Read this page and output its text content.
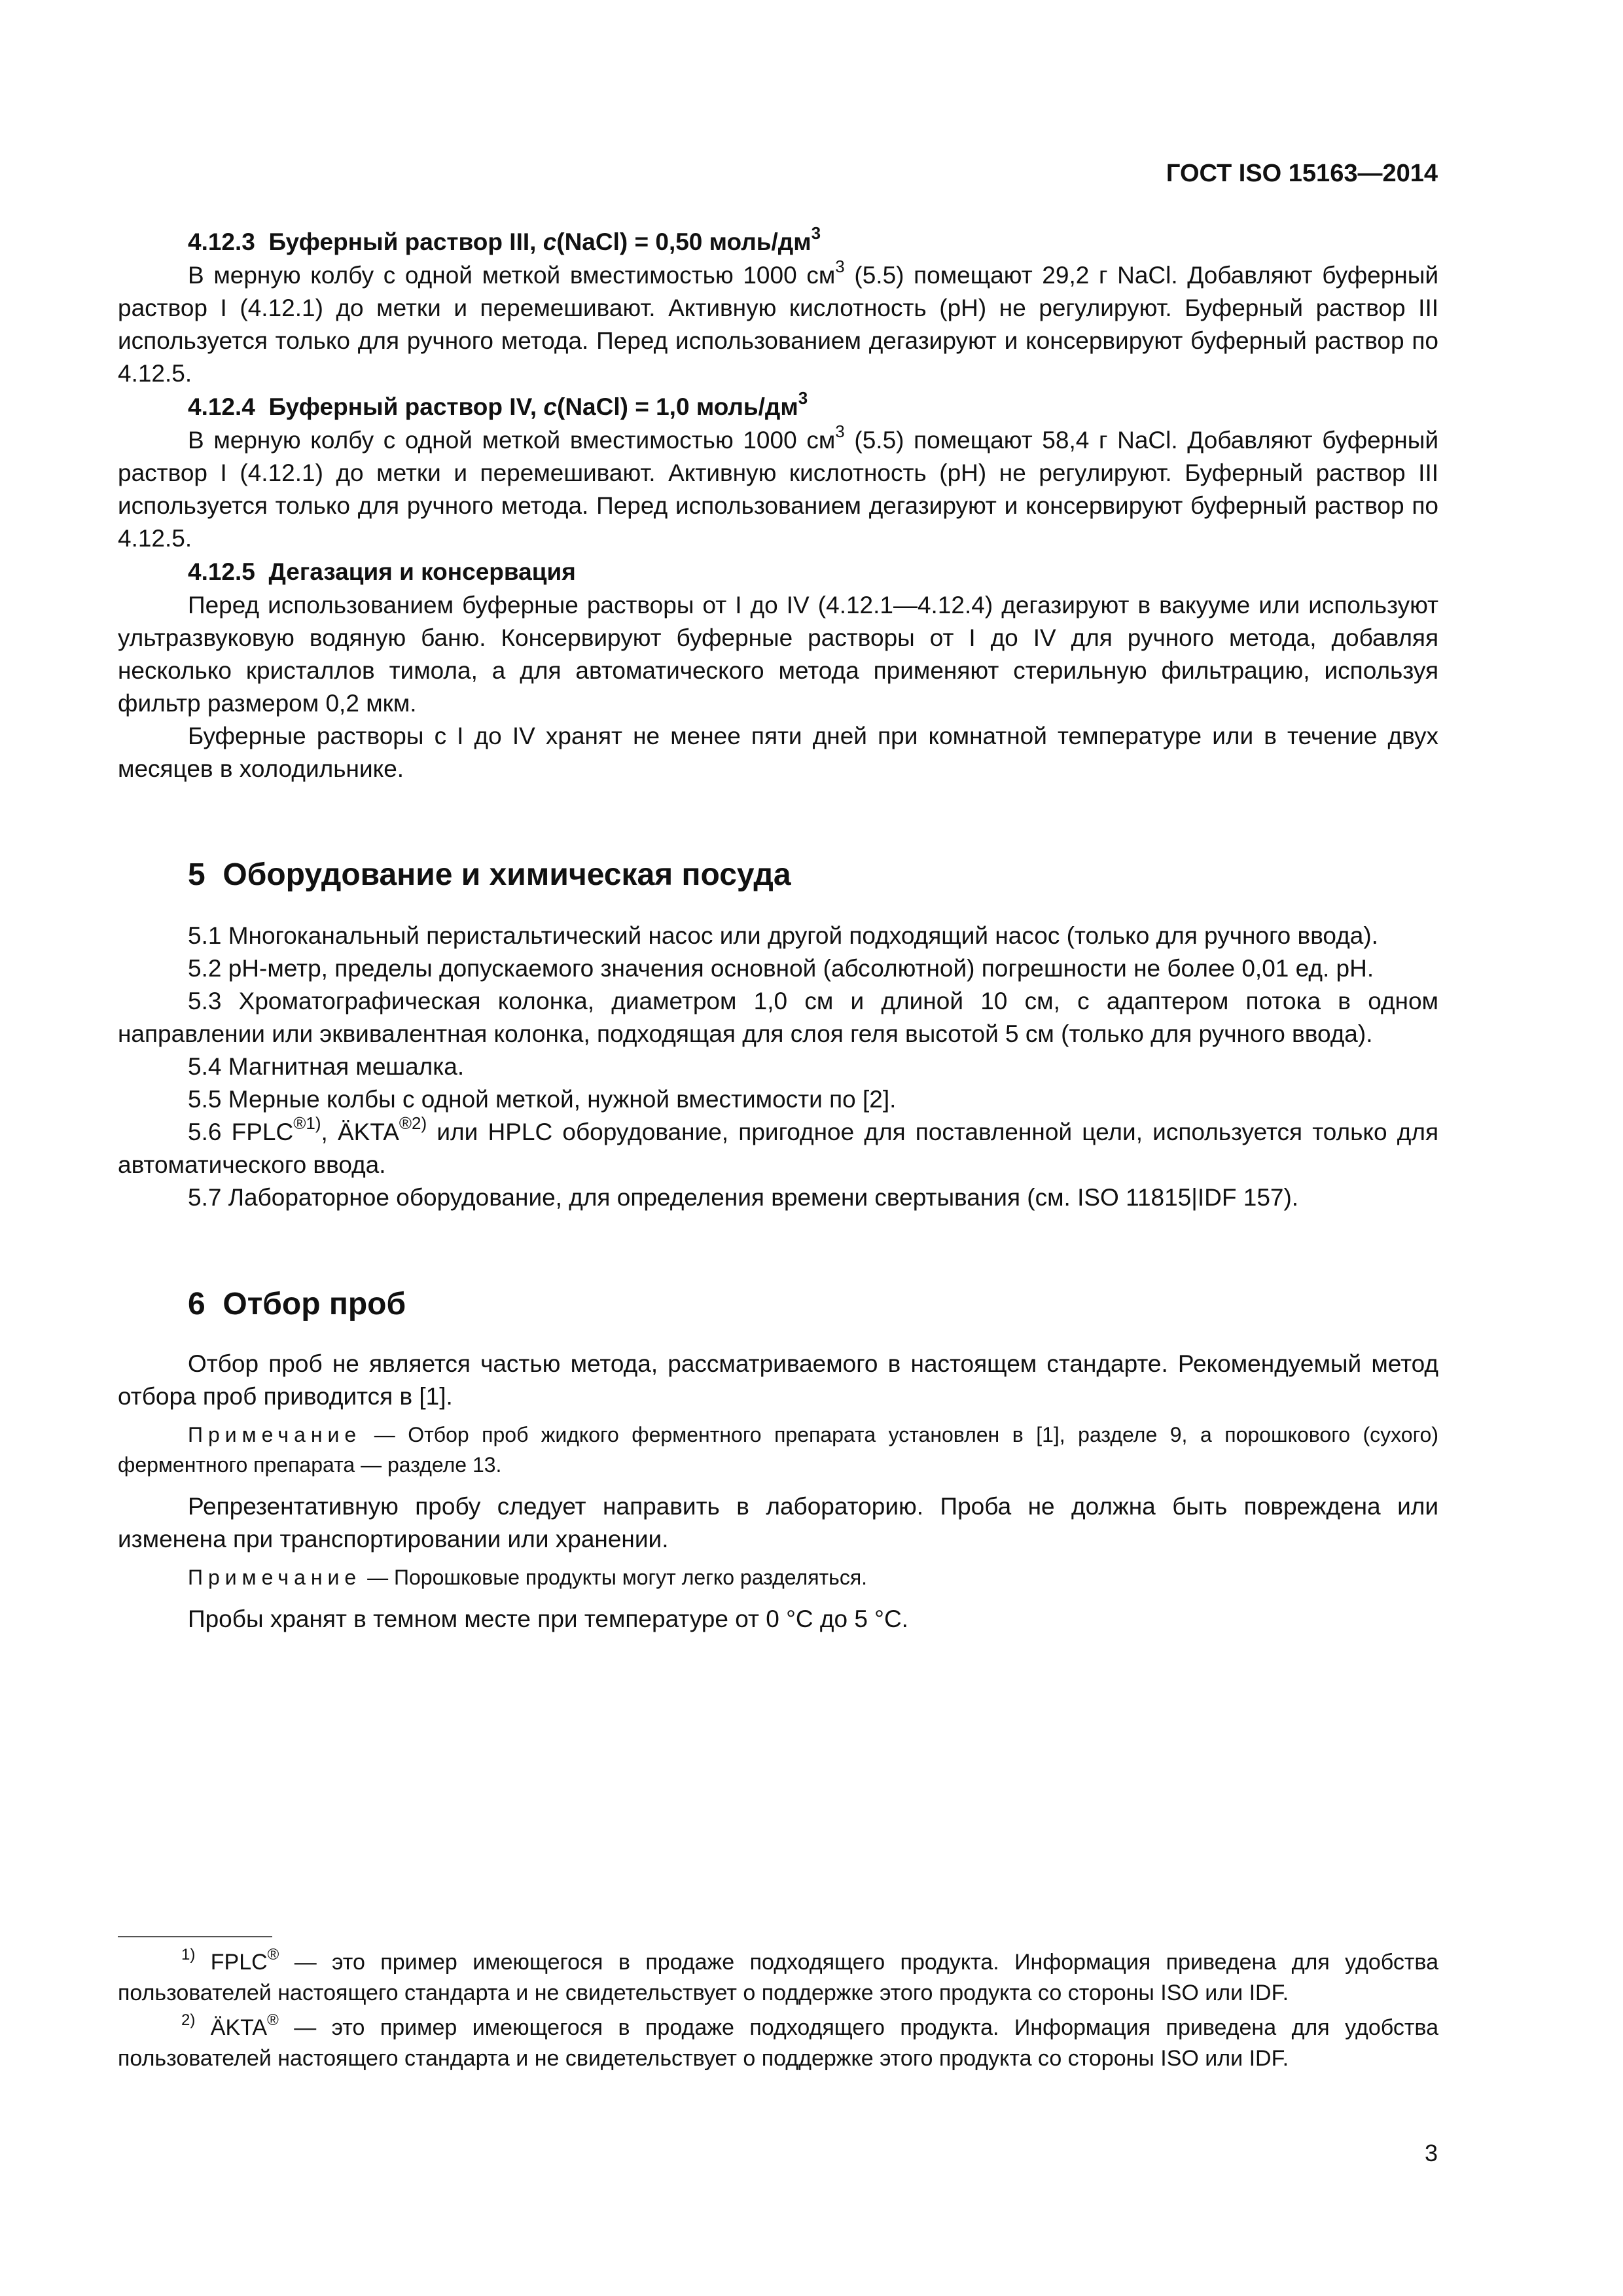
ГОСТ ISO 15163—2014
4.12.3 Буферный раствор III, c(NaCl) = 0,50 моль/$дм^3$

В мерную колбу с одной меткой вместимостью 1000 $см^3$ (5.5) помещают 29,2 г NaCl. Добавляют буферный раствор I (4.12.1) до метки и перемешивают. Активную кислотность (pH) не регулируют. Буферный раствор III используется только для ручного метода. Перед использованием дегазируют и консервируют буферный раствор по 4.12.5.

4.12.4 Буферный раствор IV, c(NaCl) = 1,0 моль/$дм^3$

В мерную колбу с одной меткой вместимостью 1000 $см^3$ (5.5) помещают 58,4 г NaCl. Добавляют буферный раствор I (4.12.1) до метки и перемешивают. Активную кислотность (pH) не регулируют. Буферный раствор III используется только для ручного метода. Перед использованием дегазируют и консервируют буферный раствор по 4.12.5.

4.12.5 Дегазация и консервация

Перед использованием буферные растворы от I до IV (4.12.1—4.12.4) дегазируют в вакууме или используют ультразвуковую водяную баню. Консервируют буферные растворы от I до IV для ручного метода, добавляя несколько кристаллов тимола, а для автоматического метода применяют стерильную фильтрацию, используя фильтр размером 0,2 мкм.

Буферные растворы с I до IV хранят не менее пяти дней при комнатной температуре или в течение двух месяцев в холодильнике.

5 Оборудование и химическая посуда

5.1 Многоканальный перистальтический насос или другой подходящий насос (только для ручного ввода).

5.2 pH-метр, пределы допускаемого значения основной (абсолютной) погрешности не более 0,01 ед. pH.

5.3 Хроматографическая колонка, диаметром 1,0 см и длиной 10 см, с адаптером потока в одном направлении или эквивалентная колонка, подходящая для слоя геля высотой 5 см (только для ручного ввода).

5.4 Магнитная мешалка.

5.5 Мерные колбы с одной меткой, нужной вместимости по [2].

5.6 $FPLC^{®1)}$, $ÄKTA^{®2)}$ или HPLC оборудование, пригодное для поставленной цели, используется только для автоматического ввода.

5.7 Лабораторное оборудование, для определения времени свертывания (см. ISO 11815|IDF 157).

6 Отбор проб

Отбор проб не является частью метода, рассматриваемого в настоящем стандарте. Рекомендуемый метод отбора проб приводится в [1].

Примечание — Отбор проб жидкого ферментного препарата установлен в [1], разделе 9, а порошкового (сухого) ферментного препарата — разделе 13.

Репрезентативную пробу следует направить в лабораторию. Проба не должна быть повреждена или изменена при транспортировании или хранении.

Примечание — Порошковые продукты могут легко разделяться.

Пробы хранят в темном месте при температуре от 0 °С до 5 °С.

$^{1)}$ FPLC® — это пример имеющегося в продаже подходящего продукта. Информация приведена для удобства пользователей настоящего стандарта и не свидетельствует о поддержке этого продукта со стороны ISO или IDF.

$^{2)}$ ÄKTA® — это пример имеющегося в продаже подходящего продукта. Информация приведена для удобства пользователей настоящего стандарта и не свидетельствует о поддержке этого продукта со стороны ISO или IDF.

3
